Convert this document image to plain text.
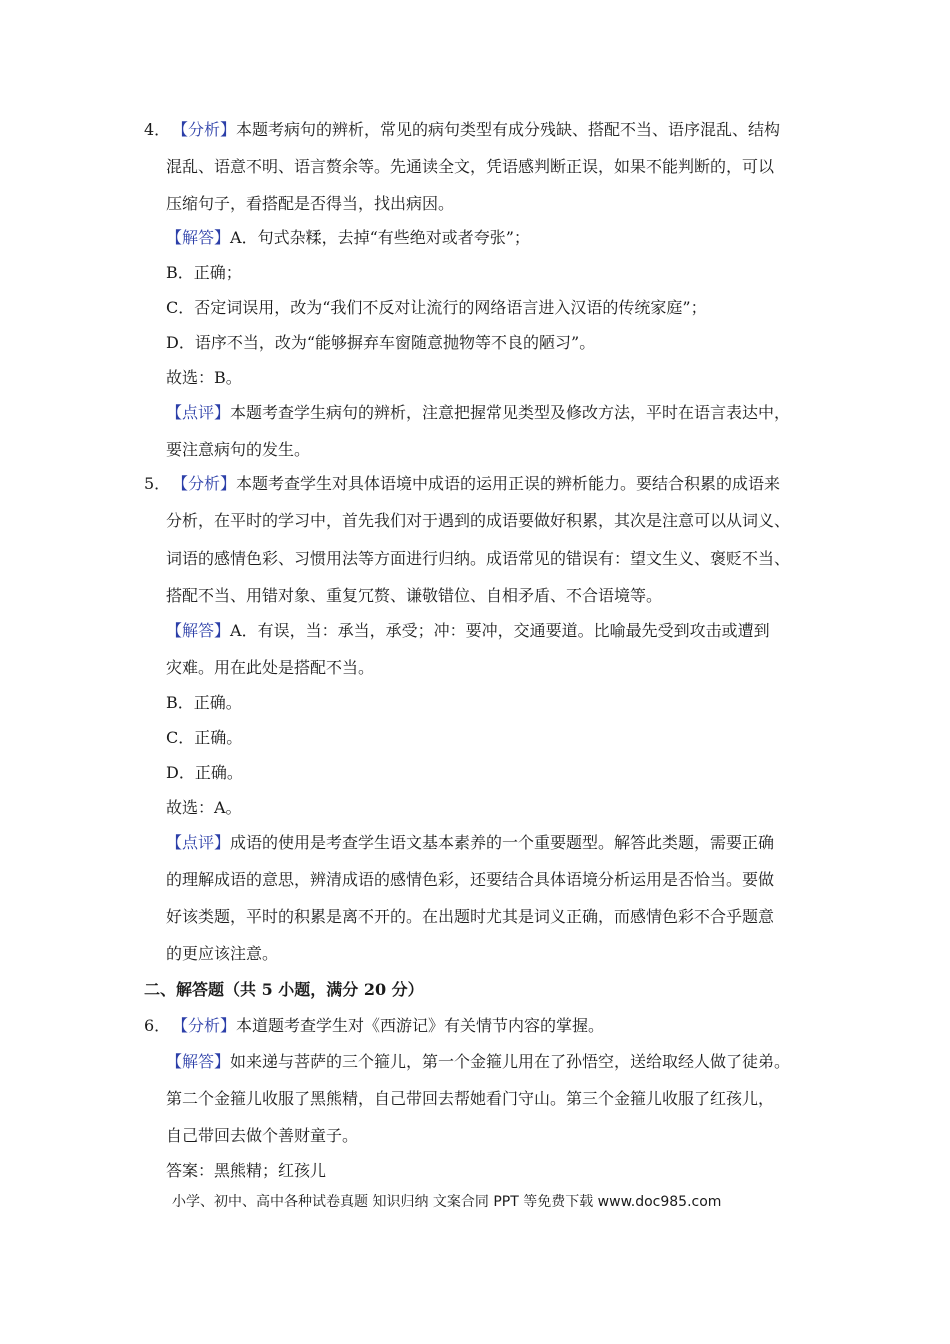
4． 【分析】本题考病句的辨析，常见的病句类型有成分残缺、搭配不当、语序混乱、结构
混乱、语意不明、语言赘余等。先通读全文，凭语感判断正误，如果不能判断的，可以
压缩句子，看搭配是否得当，找出病因。
【解答】A．句式杂糅，去掉“有些绝对或者夸张”；
B．正确；
C．否定词误用，改为“我们不反对让流行的网络语言进入汉语的传统家庭”；
D．语序不当，改为“能够摒弃车窗随意抛物等不良的陋习”。
故选：B。
【点评】本题考查学生病句的辨析，注意把握常见类型及修改方法，平时在语言表达中，
要注意病句的发生。
5． 【分析】本题考查学生对具体语境中成语的运用正误的辨析能力。要结合积累的成语来
分析，在平时的学习中，首先我们对于遇到的成语要做好积累，其次是注意可以从词义、
词语的感情色彩、习惯用法等方面进行归纳。成语常见的错误有：望文生义、褒贬不当、
搭配不当、用错对象、重复冗赘、谦敬错位、自相矛盾、不合语境等。
【解答】A．有误，当：承当，承受；冲：要冲，交通要道。比喻最先受到攻击或遭到
灾难。用在此处是搭配不当。
B．正确。
C．正确。
D．正确。
故选：A。
【点评】成语的使用是考查学生语文基本素养的一个重要题型。解答此类题，需要正确
的理解成语的意思，辨清成语的感情色彩，还要结合具体语境分析运用是否恰当。要做
好该类题，平时的积累是离不开的。在出题时尤其是词义正确，而感情色彩不合乎题意
的更应该注意。
二、解答题（共 5 小题，满分 20 分）
6． 【分析】本道题考查学生对《西游记》有关情节内容的掌握。
【解答】如来递与菩萨的三个箍儿，第一个金箍儿用在了孙悟空，送给取经人做了徒弟。
第二个金箍儿收服了黑熊精，自己带回去帮她看门守山。第三个金箍儿收服了红孩儿，
自己带回去做个善财童子。
答案：黑熊精；红孩儿
小学、初中、高中各种试卷真题 知识归纳 文案合同 PPT 等免费下载 www.doc985.com
